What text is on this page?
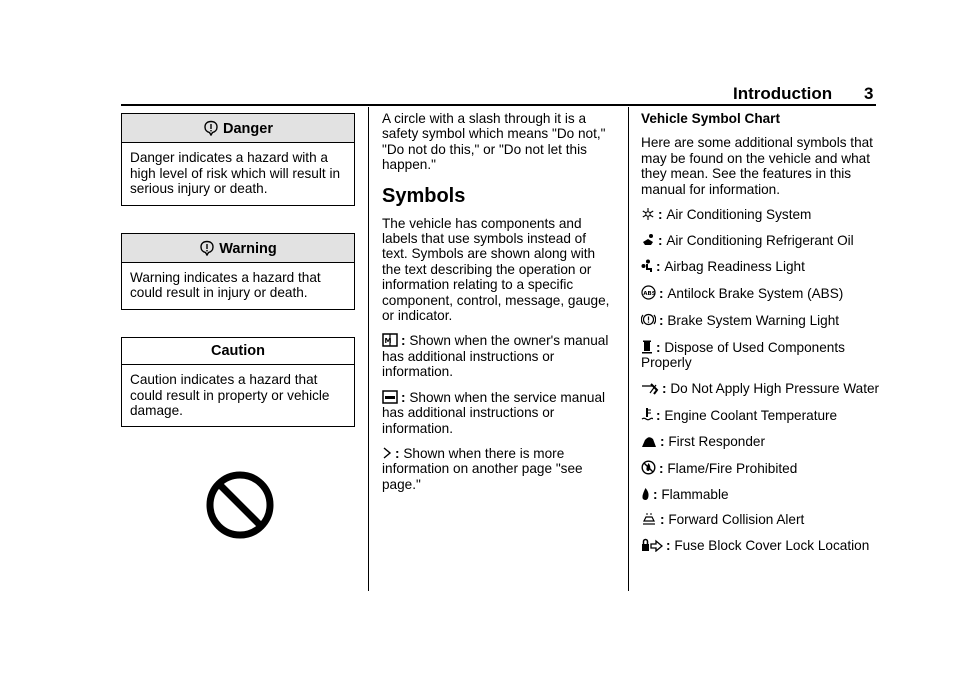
Introduction 3
Danger
Danger indicates a hazard with a high level of risk which will result in serious injury or death.
Warning
Warning indicates a hazard that could result in injury or death.
Caution
Caution indicates a hazard that could result in property or vehicle damage.
A circle with a slash through it is a safety symbol which means "Do not," "Do not do this," or "Do not let this happen."
Symbols
The vehicle has components and labels that use symbols instead of text. Symbols are shown along with the text describing the operation or information relating to a specific component, control, message, gauge, or indicator.
M : Shown when the owner's manual has additional instructions or information.
: Shown when the service manual has additional instructions or information.
: Shown when there is more information on another page "see page."
Vehicle Symbol Chart
Here are some additional symbols that may be found on the vehicle and what they mean. See the features in this manual for information.
: Air Conditioning System
: Air Conditioning Refrigerant Oil
: Airbag Readiness Light
ABS : Antilock Brake System (ABS)
: Brake System Warning Light
: Dispose of Used Components Properly
: Do Not Apply High Pressure Water
: Engine Coolant Temperature
: First Responder
: Flame/Fire Prohibited
: Flammable
: Forward Collision Alert
: Fuse Block Cover Lock Location
